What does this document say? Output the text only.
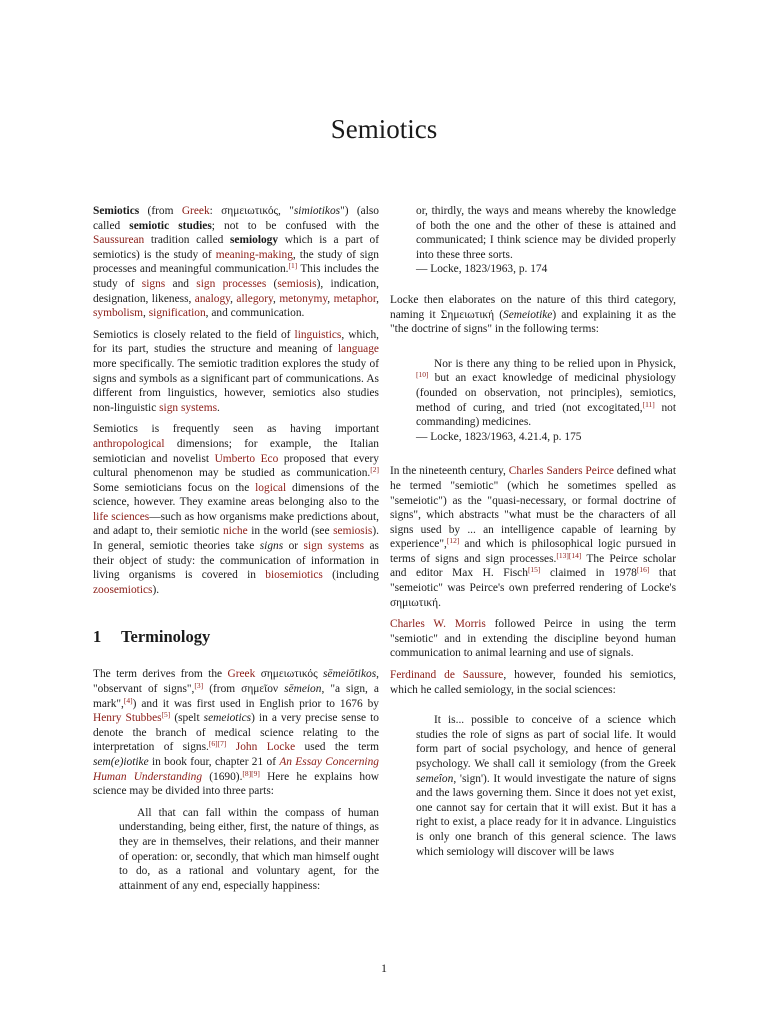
Semiotics

Semiotics (from Greek: σημειωτικός, "simiotikos") (also called semiotic studies; not to be confused with the Saussurean tradition called semiology which is a part of semiotics) is the study of meaning-making, the study of sign processes and meaningful communication.[1] This includes the study of signs and sign processes (semiosis), indication, designation, likeness, analogy, allegory, metonymy, metaphor, symbolism, signification, and communication.

Semiotics is closely related to the field of linguistics, which, for its part, studies the structure and meaning of language more specifically. The semiotic tradition explores the study of signs and symbols as a significant part of communications. As different from linguistics, however, semiotics also studies non-linguistic sign systems.

Semiotics is frequently seen as having important anthropological dimensions; for example, the Italian semiotician and novelist Umberto Eco proposed that every cultural phenomenon may be studied as communication.[2] Some semioticians focus on the logical dimensions of the science, however. They examine areas belonging also to the life sciences—such as how organisms make predictions about, and adapt to, their semiotic niche in the world (see semiosis). In general, semiotic theories take signs or sign systems as their object of study: the communication of information in living organisms is covered in biosemiotics (including zoosemiotics).

1 Terminology

The term derives from the Greek σημειωτικός sēmeiōtikos, "observant of signs",[3] (from σημεῖον sēmeion, "a sign, a mark",[4]) and it was first used in English prior to 1676 by Henry Stubbes[5] (spelt semeiotics) in a very precise sense to denote the branch of medical science relating to the interpretation of signs.[6][7] John Locke used the term sem(e)iotike in book four, chapter 21 of An Essay Concerning Human Understanding (1690).[8][9] Here he explains how science may be divided into three parts:

All that can fall within the compass of human understanding, being either, first, the nature of things, as they are in themselves, their relations, and their manner of operation: or, secondly, that which man himself ought to do, as a rational and voluntary agent, for the attainment of any end, especially happiness:

or, thirdly, the ways and means whereby the knowledge of both the one and the other of these is attained and communicated; I think science may be divided properly into these three sorts.

— Locke, 1823/1963, p. 174

Locke then elaborates on the nature of this third category, naming it Σημειωτική (Semeiotike) and explaining it as the "the doctrine of signs" in the following terms:

Nor is there any thing to be relied upon in Physick,[10] but an exact knowledge of medicinal physiology (founded on observation, not principles), semiotics, method of curing, and tried (not excogitated,[11] not commanding) medicines.

— Locke, 1823/1963, 4.21.4, p. 175

In the nineteenth century, Charles Sanders Peirce defined what he termed "semiotic" (which he sometimes spelled as "semeiotic") as the "quasi-necessary, or formal doctrine of signs", which abstracts "what must be the characters of all signs used by ... an intelligence capable of learning by experience",[12] and which is philosophical logic pursued in terms of signs and sign processes.[13][14] The Peirce scholar and editor Max H. Fisch[15] claimed in 1978[16] that "semeiotic" was Peirce's own preferred rendering of Locke's σημιωτική.

Charles W. Morris followed Peirce in using the term "semiotic" and in extending the discipline beyond human communication to animal learning and use of signals.

Ferdinand de Saussure, however, founded his semiotics, which he called semiology, in the social sciences:

It is... possible to conceive of a science which studies the role of signs as part of social life. It would form part of social psychology, and hence of general psychology. We shall call it semiology (from the Greek semeîon, 'sign'). It would investigate the nature of signs and the laws governing them. Since it does not yet exist, one cannot say for certain that it will exist. But it has a right to exist, a place ready for it in advance. Linguistics is only one branch of this general science. The laws which semiology will discover will be laws

1
